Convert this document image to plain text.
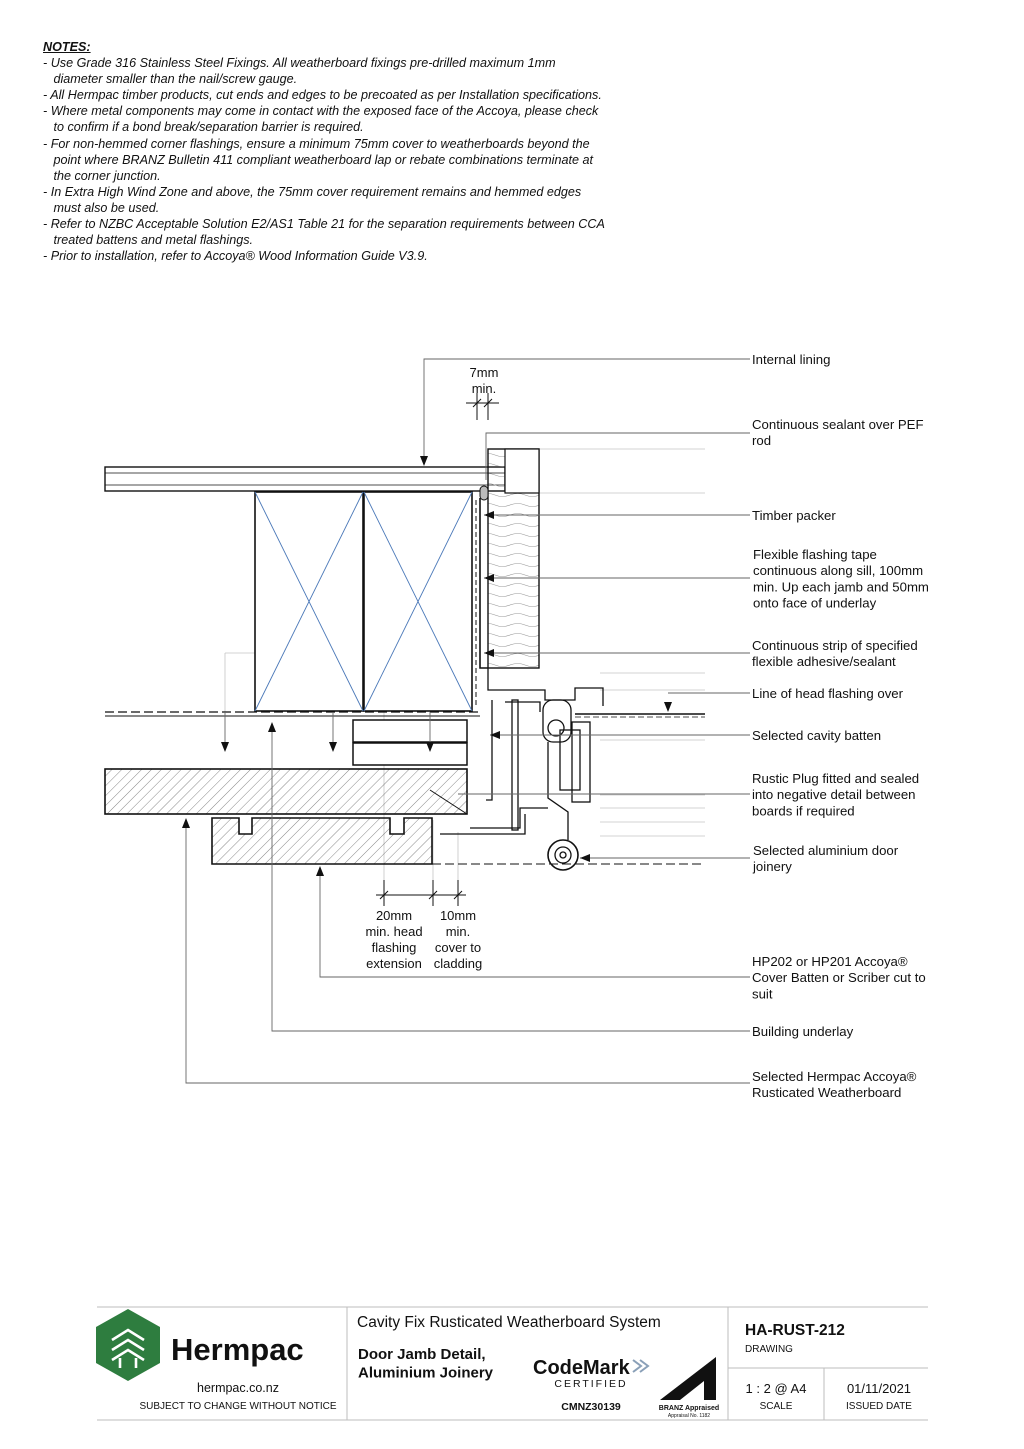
NOTES:
- Use Grade 316 Stainless Steel Fixings. All weatherboard fixings pre-drilled maximum 1mm
diameter smaller than the nail/screw gauge.
- All Hermpac timber products, cut ends and edges to be precoated as per Installation specifications.
- Where metal components may come in contact with the exposed face of the Accoya, please check
to confirm if a bond break/separation barrier is required.
- For non-hemmed corner flashings, ensure a minimum 75mm cover to weatherboards beyond the
point where BRANZ Bulletin 411 compliant weatherboard lap or rebate combinations terminate at
the corner junction.
- In Extra High Wind Zone and above, the 75mm cover requirement remains and hemmed edges
must also be used.
- Refer to NZBC Acceptable Solution E2/AS1 Table 21 for the separation requirements between CCA
treated battens and metal flashings.
- Prior to installation, refer to Accoya® Wood Information Guide V3.9.
Internal lining
Continuous sealant over PEF rod
Timber packer
Flexible flashing tape continuous along sill, 100mm min. Up each jamb and 50mm onto face of underlay
Continuous strip of specified flexible adhesive/sealant
Line of head flashing over
Selected cavity batten
Rustic Plug fitted and sealed into negative detail between boards if required
Selected aluminium door joinery
HP202 or HP201 Accoya® Cover Batten or Scriber cut to suit
Building underlay
Selected Hermpac Accoya® Rusticated Weatherboard
7mm min.
20mm min. head flashing extension
10mm min. cover to cladding
Hermpac
hermpac.co.nz
SUBJECT TO CHANGE WITHOUT NOTICE
Cavity Fix Rusticated Weatherboard System
Door Jamb Detail, Aluminium Joinery CodeMark
CERTIFIED
CMNZ30139	BRANZ Appraised
Appraisal No. 1182
HA-RUST-212
DRAWING
1 : 2 @ A4
SCALE
01/11/2021
ISSUED DATE
